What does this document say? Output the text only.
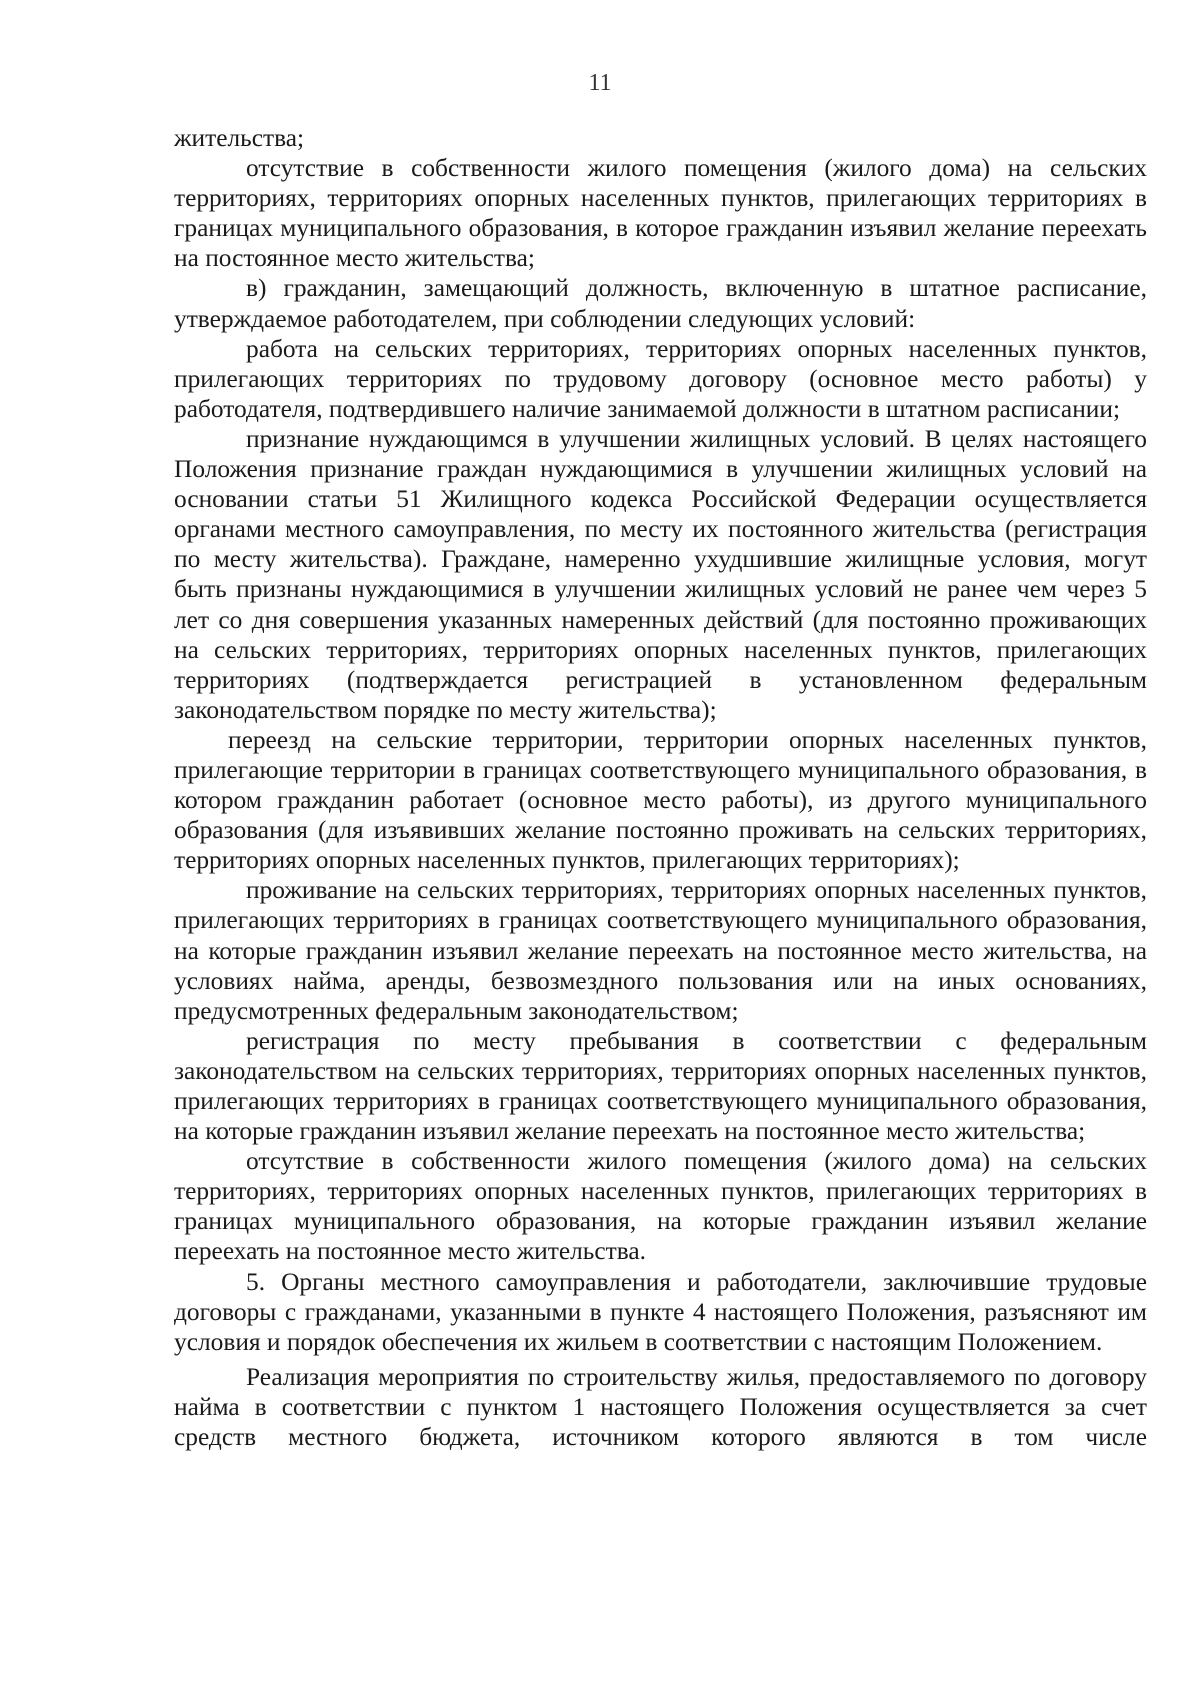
11

жительства;

отсутствие в собственности жилого помещения (жилого дома) на сельских территориях, территориях опорных населенных пунктов, прилегающих территориях в границах муниципального образования, в которое гражданин изъявил желание переехать на постоянное место жительства;

в) гражданин, замещающий должность, включенную в штатное расписание, утверждаемое работодателем, при соблюдении следующих условий:

работа на сельских территориях, территориях опорных населенных пунктов, прилегающих территориях по трудовому договору (основное место работы) у работодателя, подтвердившего наличие занимаемой должности в штатном расписании;

признание нуждающимся в улучшении жилищных условий. В целях настоящего Положения признание граждан нуждающимися в улучшении жилищных условий на основании статьи 51 Жилищного кодекса Российской Федерации осуществляется органами местного самоуправления, по месту их постоянного жительства (регистрация по месту жительства). Граждане, намеренно ухудшившие жилищные условия, могут быть признаны нуждающимися в улучшении жилищных условий не ранее чем через 5 лет со дня совершения указанных намеренных действий (для постоянно проживающих на сельских территориях, территориях опорных населенных пунктов, прилегающих территориях (подтверждается регистрацией в установленном федеральным законодательством порядке по месту жительства);

переезд на сельские территории, территории опорных населенных пунктов, прилегающие территории в границах соответствующего муниципального образования, в котором гражданин работает (основное место работы), из другого муниципального образования (для изъявивших желание постоянно проживать на сельских территориях, территориях опорных населенных пунктов, прилегающих территориях);

проживание на сельских территориях, территориях опорных населенных пунктов, прилегающих территориях в границах соответствующего муниципального образования, на которые гражданин изъявил желание переехать на постоянное место жительства, на условиях найма, аренды, безвозмездного пользования или на иных основаниях, предусмотренных федеральным законодательством;

регистрация по месту пребывания в соответствии с федеральным законодательством на сельских территориях, территориях опорных населенных пунктов, прилегающих территориях в границах соответствующего муниципального образования, на которые гражданин изъявил желание переехать на постоянное место жительства;

отсутствие в собственности жилого помещения (жилого дома) на сельских территориях, территориях опорных населенных пунктов, прилегающих территориях в границах муниципального образования, на которые гражданин изъявил желание переехать на постоянное место жительства.

5. Органы местного самоуправления и работодатели, заключившие трудовые договоры с гражданами, указанными в пункте 4 настоящего Положения, разъясняют им условия и порядок обеспечения их жильем в соответствии с настоящим Положением.

Реализация мероприятия по строительству жилья, предоставляемого по договору найма в соответствии с пунктом 1 настоящего Положения осуществляется за счет средств местного бюджета, источником которого являются в том числе
